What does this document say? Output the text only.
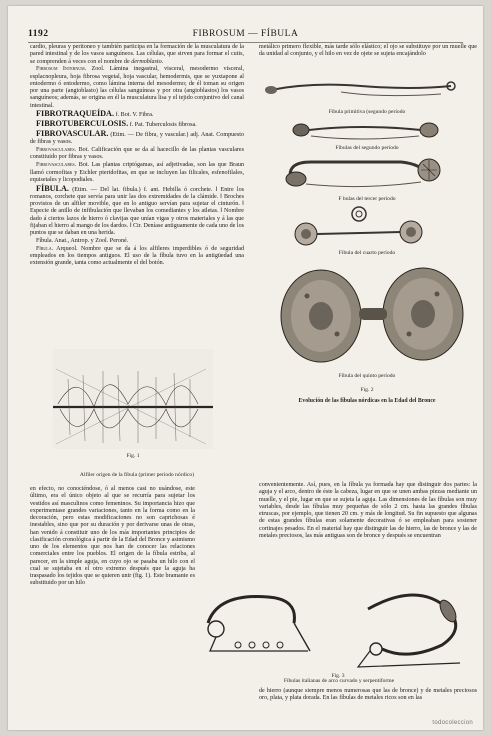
1192	FIBROSUM — FÍBULA

cardio, pleuras y peritoneo y también participa en la formación de la musculatura de la pared intestinal y de los vasos sanguíneos. Las células, que sirven para formar el cutis, se comprenden á veces con el nombre de dermoblasto.

Fibrosum Internum. Zool. Lámina inegastral, visceral, mesodermo visceral, esplacnopleura, hoja fibrosa vegetal, hoja vascular, hemodermis, que se yuxtapone al entodermo ó entodermo, como lámina interna del mesodermo; de él toman su origen por una parte (angioblasto) las células sanguíneas y por otra (angioblastos) los vasos sanguíneos; además, se origina en él la musculatura lisa y el tejido conjuntivo del canal intestinal.

FIBROTRAQUEÍDA. f. Bot. V. Fibra.

FIBROTUBERCULOSIS. f. Pat. Tuberculosis fibrosa.

FIBROVASCULAR. (Etim. — De fibra, y vascular.) adj. Anat. Compuesto de fibras y vasos.

Fibrovasculares. Bot. Calificación que se da al hacecillo de las plantas vasculares constituido por fibras y vasos.

Fibrovasculares. Bot. Las plantas criptógamas, así adjetivadas, son las que Braun llamó cormofitas y Eichler pteridofitas, en que se incluyen las filicales, esfenofilales, equisetales y licopodiales.

FÍBULA. (Etim. — Del lat. fibula.) f. ant. Hebilla ó corchete. ‖ Entre los romanos, corchete que servía para unir las dos extremidades de la clámide. ‖ Broches provistos de un alfiler movible, que en lo antiguo servían para sujetar el cinturón. ‖ Especie de anillo de infibulación que llevaban los comediantes y los atletas. ‖ Nombre dado á ciertos lazos de hierro ó clavijas que unían vigas y otros materiales y á las que fijaban el hierro al mango de los dardos. ‖ Cir. Deníase antiguamente de cada uno de los puntos que se daban en una herida.

Fíbula. Anat., Antrop. y Zool. Peroné.

Fíbula. Arqueol. Nombre que se da á los alfileres imperdibles ó de seguridad empleados en los tiempos antiguos. El uso de la fíbula tuvo en la antigüedad una extensión grande, tanta como actualmente el del botón.

metálico primero flexible, más tarde sólo elástico; el ojo se substituye por un muelle que da unidad al conjunto, y el hilo en vez de ojete se sujeta encajándolo

Fíbula primitiva (segundo período
Fíbulas del segundo período
F bulas del tercer período
Fíbula del cuarto período
Fíbula del quinto período
Fig. 2
Evolución de las fíbulas nórdicas en la Edad del Bronce
Fig. 1
Alfiler origen de la fíbula (primer período nórdico)

en efecto, no conociéndose, ó al menos casi no usándose, este último, era el único objeto al que se recurría para sujetar los vestidos así masculinos como femeninos. Su importancia hizo que experimentase grandes variaciones, tanto en la forma como en la decoración, pero estas modificaciones no son caprichosas é inestables, sino que por su duración y por derivarse unas de otras, han venido á constituir uno de los más importantes principios de clasificación cronológica á partir de la Edad del Bronce y asimismo uno de los elementos que nos han de conocer las relaciones comerciales entre los pueblos. El origen de la fíbula estriba, al parecer, en la simple aguja, en cuyo ojo se pasaba un hilo con el cual se sujetaba en el otro extremo después que la aguja ha traspasado los tejidos que se quieren unir (fig. 1). Este bramante es substituido por un hilo

convenientemente. Así, pues, en la fíbula ya formada hay que distinguir dos partes: la aguja y el arco, dentro de éste la cabeza, lugar en que se unen ambas piezas mediante un muelle, y el pie, lugar en que se sujeta la aguja. Las dimensiones de las fíbulas son muy variables, desde las fíbulas muy pequeñas de sólo 2 cm. hasta las grandes fíbulas etruscas, por ejemplo, que tienen 20 cm. y más de longitud. Su fin supuesto que algunas de estas grandes fíbulas eran solamente decorativas ó se empleaban para sostener cortinajes pesados. En el material hay que distinguir las de hierro, las de bronce y las de metales preciosos, las más antiguas son de bronce y después se encuentran

Fig. 3
Fíbulas italianas de arco curvado y serpentiforme

de hierro (aunque siempre menos numerosas que las de bronce) y de metales preciosos oro, plata, y plata dorada. En las fíbulas de metales ricos son en las

todocoleccion
